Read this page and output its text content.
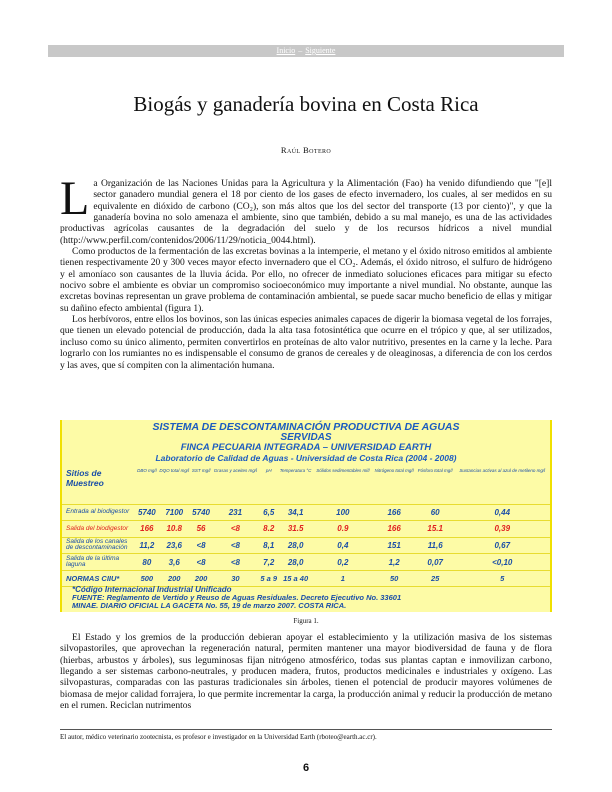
Inicio – Siguiente
Biogás y ganadería bovina en Costa Rica
Raúl Botero

La Organización de las Naciones Unidas para la Agricultura y la Alimentación (Fao) ha venido difundiendo que "[e]l sector ganadero mundial genera el 18 por ciento de los gases de efecto invernadero, los cuales, al ser medidos en su equivalente en dióxido de carbono (CO₂), son más altos que los del sector del transporte (13 por ciento)", y que la ganadería bovina no solo amenaza el ambiente, sino que también, debido a su mal manejo, es una de las actividades productivas agrícolas causantes de la degradación del suelo y de los recursos hídricos a nivel mundial (http://www.perfil.com/contenidos/2006/11/29/noticia_0044.html).

Como productos de la fermentación de las excretas bovinas a la intemperie, el metano y el óxido nitroso emitidos al ambiente tienen respectivamente 20 y 300 veces mayor efecto invernadero que el CO₂. Además, el óxido nitroso, el sulfuro de hidrógeno y el amoníaco son causantes de la lluvia ácida. Por ello, no ofrecer de inmediato soluciones eficaces para mitigar su efecto nocivo sobre el ambiente es obviar un compromiso socioeconómico muy importante a nivel mundial. No obstante, aunque las excretas bovinas representan un grave problema de contaminación ambiental, se puede sacar mucho beneficio de ellas y mitigar su dañino efecto ambiental (figura 1).

Los herbívoros, entre ellos los bovinos, son las únicas especies animales capaces de digerir la biomasa vegetal de los forrajes, que tienen un elevado potencial de producción, dada la alta tasa fotosintética que ocurre en el trópico y que, al ser utilizados, incluso como su único alimento, permiten convertirlos en proteínas de alto valor nutritivo, presentes en la carne y la leche. Para lograrlo con los rumiantes no es indispensable el consumo de granos de cereales y de oleaginosas, a diferencia de con los cerdos y las aves, que sí compiten con la alimentación humana.

SISTEMA DE DESCONTAMINACIÓN PRODUCTIVA DE AGUAS
SERVIDAS
FINCA PECUARIA INTEGRADA – UNIVERSIDAD EARTH
Laboratorio de Calidad de Aguas - Universidad de Costa Rica (2004 - 2008)
Sitios de Muestreo	DBO mg/l	DQO total mg/l	SST mg/l	Grasas y aceites mg/l	pH	Temperatura °C	Sólidos sedimentables ml/l	Nitrógeno total mg/l	Fósforo total mg/l	Sustancias activas al azul de metileno mg/l
Entrada al biodigestor	5740	7100	5740	231	6,5	34,1	100	166	60	0,44
Salida del biodigestor	166	10.8	56	<8	8.2	31.5	0.9	166	15.1	0,39
Salida de los canales de descontaminación	11,2	23,6	<8	<8	8,1	28,0	0,4	151	11,6	0,67
Salida de la última laguna	80	3,6	<8	<8	7,2	28,0	0,2	1,2	0,07	<0,10
NORMAS CIIU*	500	200	200	30	5 a 9	15 a 40	1	50	25	5
*Código Internacional Industrial Unificado
FUENTE: Reglamento de Vertido y Reuso de Aguas Residuales. Decreto Ejecutivo No. 33601
MINAE. DIARIO OFICIAL LA GACETA No. 55, 19 de marzo 2007. COSTA RICA.
Figura 1.

El Estado y los gremios de la producción debieran apoyar el establecimiento y la utilización masiva de los sistemas silvopastoriles, que aprovechan la regeneración natural, permiten mantener una mayor biodiversidad de fauna y de flora (hierbas, arbustos y árboles), sus leguminosas fijan nitrógeno atmosférico, todas sus plantas captan e inmovilizan carbono, llegando a ser sistemas carbono-neutrales, y producen madera, frutos, productos medicinales e industriales y oxígeno. Las silvopasturas, comparadas con las pasturas tradicionales sin árboles, tienen el potencial de producir mayores volúmenes de biomasa de mejor calidad forrajera, lo que permite incrementar la carga, la producción animal y reducir la producción de metano en el rumen. Reciclan nutrimentos

El autor, médico veterinario zootecnista, es profesor e investigador en la Universidad Earth (rboteo@earth.ac.cr).
6
